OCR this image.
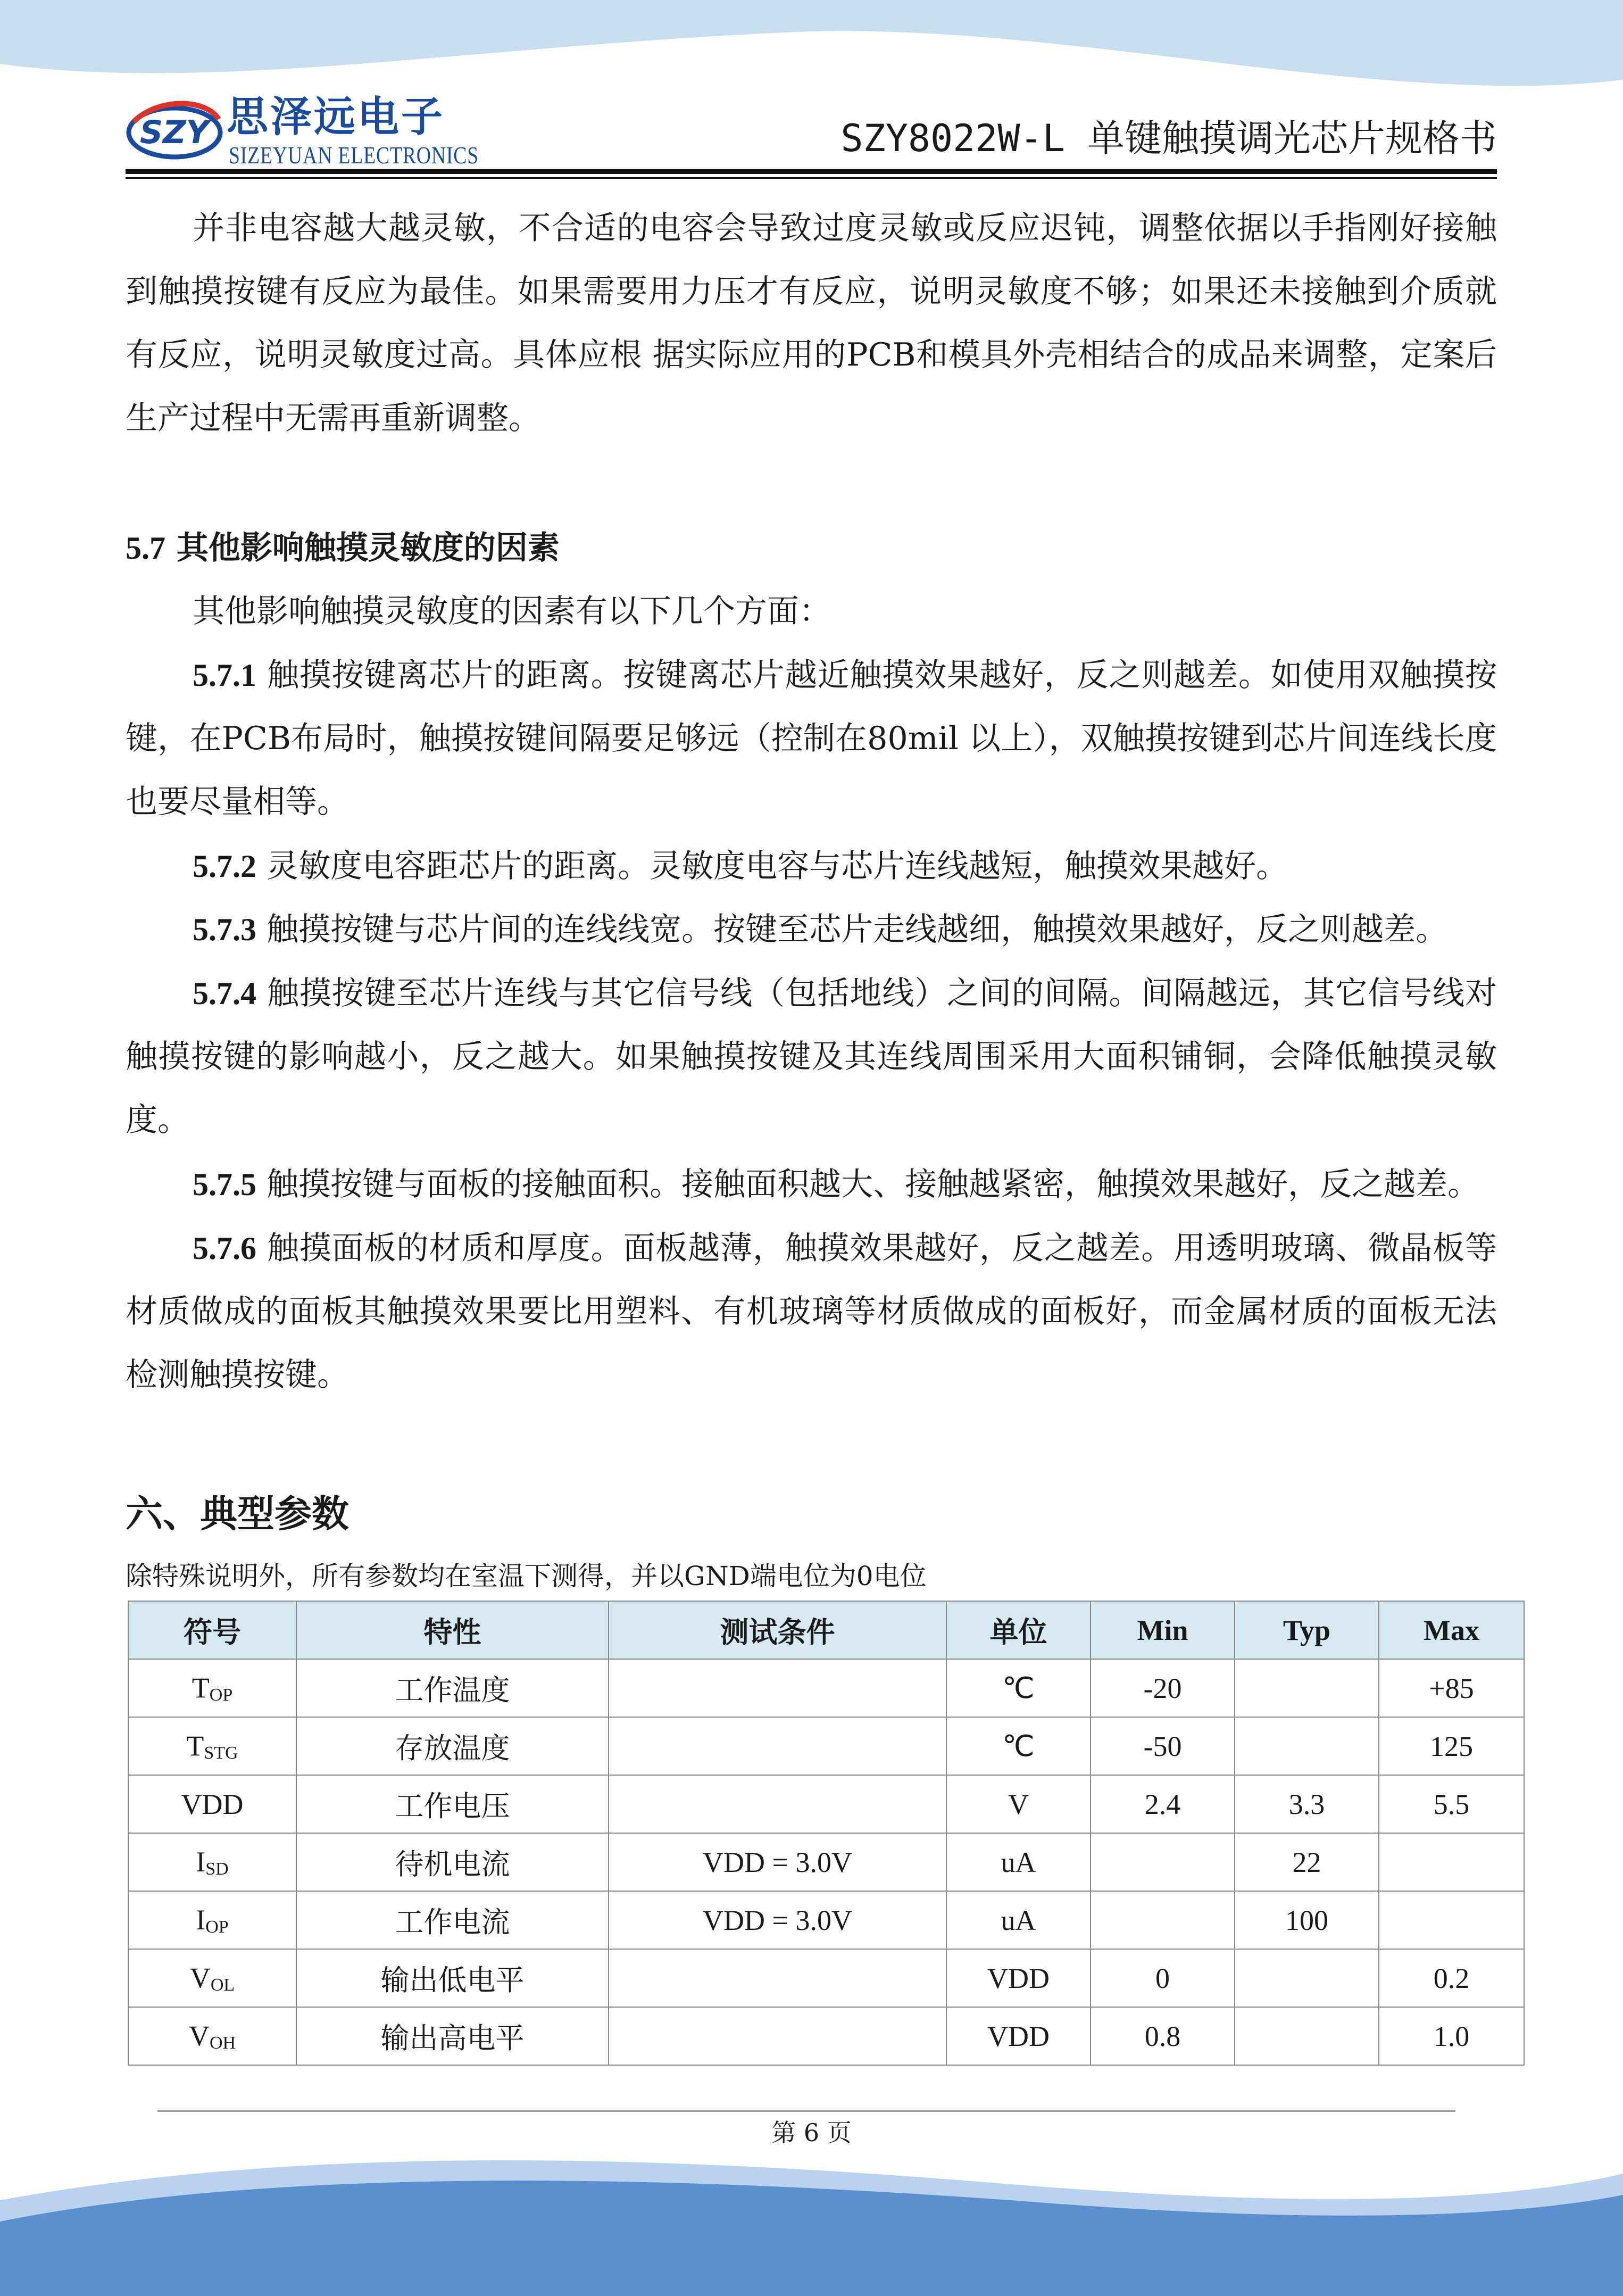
SZY 思泽远电子
SIZEYUAN ELECTRONICS	SZY8022W-L 单键触摸调光芯片规格书

并非电容越大越灵敏，不合适的电容会导致过度灵敏或反应迟钝，调整依据以手指刚好接触到触摸按键有反应为最佳。如果需要用力压才有反应，说明灵敏度不够；如果还未接触到介质就有反应，说明灵敏度过高。具体应根 据实际应用的PCB和模具外壳相结合的成品来调整，定案后生产过程中无需再重新调整。

5.7 其他影响触摸灵敏度的因素

其他影响触摸灵敏度的因素有以下几个方面：

5.7.1 触摸按键离芯片的距离。按键离芯片越近触摸效果越好，反之则越差。如使用双触摸按键，在PCB布局时，触摸按键间隔要足够远（控制在80mil 以上），双触摸按键到芯片间连线长度也要尽量相等。

5.7.2 灵敏度电容距芯片的距离。灵敏度电容与芯片连线越短，触摸效果越好。

5.7.3 触摸按键与芯片间的连线线宽。按键至芯片走线越细，触摸效果越好，反之则越差。

5.7.4 触摸按键至芯片连线与其它信号线（包括地线）之间的间隔。间隔越远，其它信号线对触摸按键的影响越小，反之越大。如果触摸按键及其连线周围采用大面积铺铜，会降低触摸灵敏度。

5.7.5 触摸按键与面板的接触面积。接触面积越大、接触越紧密，触摸效果越好，反之越差。

5.7.6 触摸面板的材质和厚度。面板越薄，触摸效果越好，反之越差。用透明玻璃、微晶板等材质做成的面板其触摸效果要比用塑料、有机玻璃等材质做成的面板好，而金属材质的面板无法检测触摸按键。

六、典型参数

除特殊说明外，所有参数均在室温下测得，并以GND端电位为0电位

符号	特性	测试条件	单位	Min	Typ	Max
$T_{OP}$	工作温度		℃	-20		+85
$T_{STG}$	存放温度		℃	-50		125
VDD	工作电压		V	2.4	3.3	5.5
$I_{SD}$	待机电流	VDD = 3.0V	uA		22	
$I_{OP}$	工作电流	VDD = 3.0V	uA		100	
$V_{OL}$	输出低电平		VDD	0		0.2
$V_{OH}$	输出高电平		VDD	0.8		1.0
第 6 页
